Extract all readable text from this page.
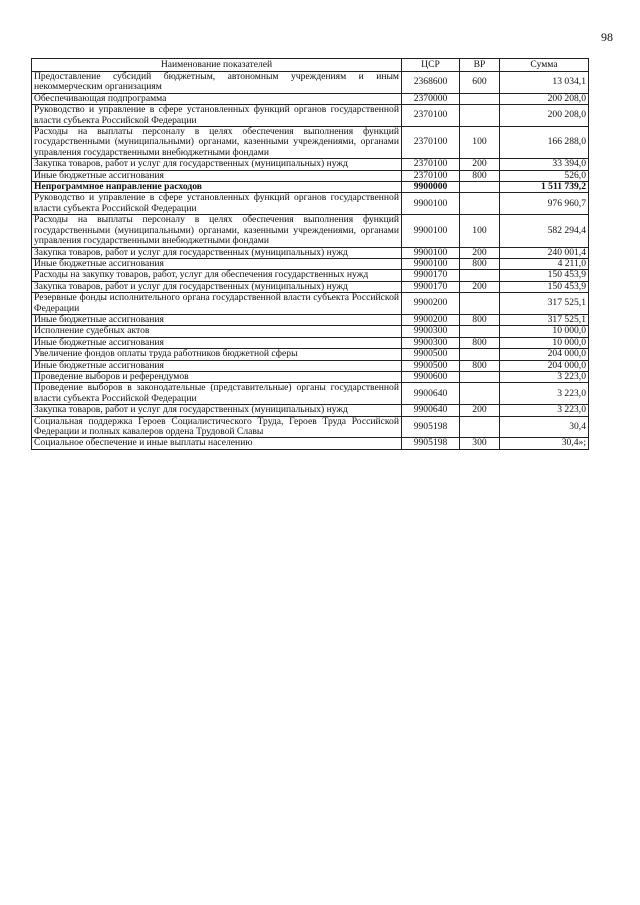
98
Наименование показателей	ЦСР	ВР	Сумма
Предоставление субсидий бюджетным, автономным учреждениям и иным некоммерческим организациям	2368600	600	13 034,1
Обеспечивающая подпрограмма	2370000		200 208,0
Руководство и управление в сфере установленных функций органов государственной власти субъекта Российской Федерации	2370100		200 208,0
Расходы на выплаты персоналу в целях обеспечения выполнения функций государственными (муниципальными) органами, казенными учреждениями, органами управления государственными внебюджетными фондами	2370100	100	166 288,0
Закупка товаров, работ и услуг для государственных (муниципальных) нужд	2370100	200	33 394,0
Иные бюджетные ассигнования	2370100	800	526,0
Непрограммное направление расходов	9900000		1 511 739,2
Руководство и управление в сфере установленных функций органов государственной власти субъекта Российской Федерации	9900100		976 960,7
Расходы на выплаты персоналу в целях обеспечения выполнения функций государственными (муниципальными) органами, казенными учреждениями, органами управления государственными внебюджетными фондами	9900100	100	582 294,4
Закупка товаров, работ и услуг для государственных (муниципальных) нужд	9900100	200	240 001,4
Иные бюджетные ассигнования	9900100	800	4 211,0
Расходы на закупку товаров, работ, услуг для обеспечения государственных нужд	9900170		150 453,9
Закупка товаров, работ и услуг для государственных (муниципальных) нужд	9900170	200	150 453,9
Резервные фонды исполнительного органа государственной власти субъекта Российской Федерации	9900200		317 525,1
Иные бюджетные ассигнования	9900200	800	317 525,1
Исполнение судебных актов	9900300		10 000,0
Иные бюджетные ассигнования	9900300	800	10 000,0
Увеличение фондов оплаты труда работников бюджетной сферы	9900500		204 000,0
Иные бюджетные ассигнования	9900500	800	204 000,0
Проведение выборов и референдумов	9900600		3 223,0
Проведение выборов в законодательные (представительные) органы государственной власти субъекта Российской Федерации	9900640		3 223,0
Закупка товаров, работ и услуг для государственных (муниципальных) нужд	9900640	200	3 223,0
Социальная поддержка Героев Социалистического Труда, Героев Труда Российской Федерации и полных кавалеров ордена Трудовой Славы	9905198		30,4
Социальное обеспечение и иные выплаты населению	9905198	300	30,4»;
